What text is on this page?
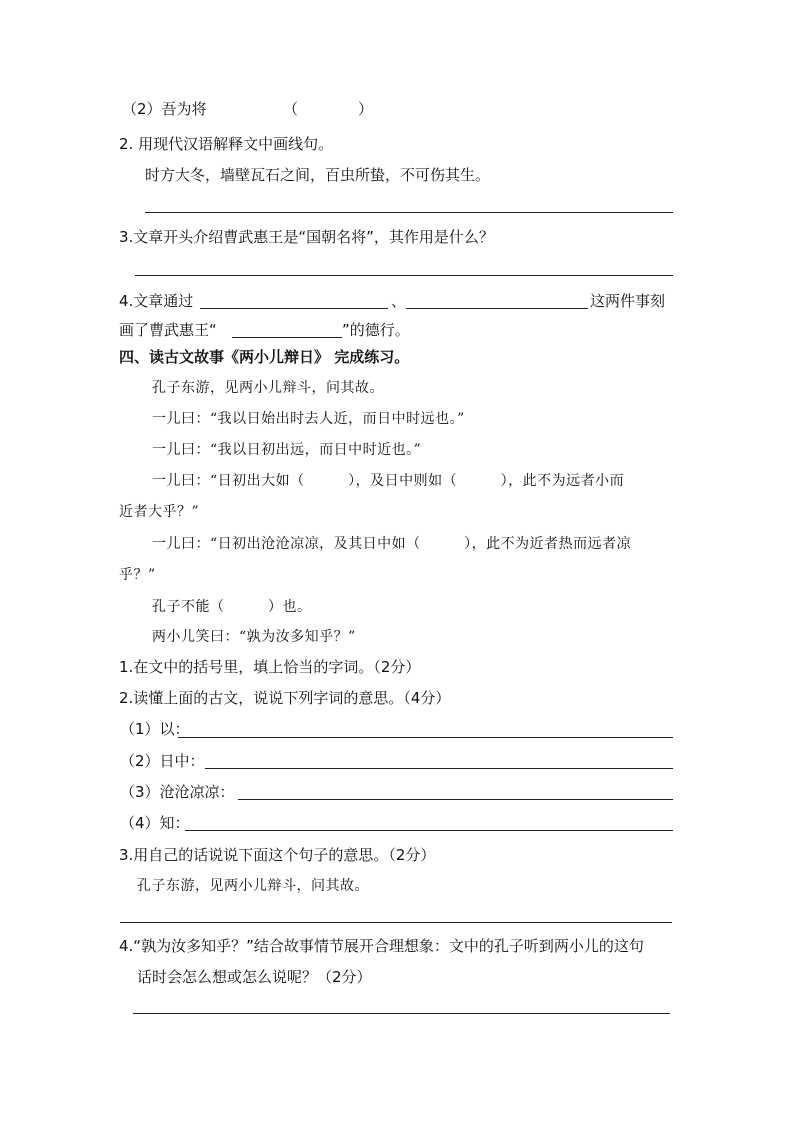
（2）吾为将	（　　　　）
2. 用现代汉语解释文中画线句。
时方大冬，墙壁瓦石之间，百虫所蛰，不可伤其生。
3.文章开头介绍曹武惠王是“国朝名将”，其作用是什么？
4.文章通过	、	这两件事刻
画了曹武惠王“	”的德行。
四、读古文故事《两小儿辩日》 完成练习。
孔子东游，见两小儿辩斗，问其故。
一儿曰：“我以日始出时去人近，而日中时远也。”
一儿曰：“我以日初出远，而日中时近也。”
一儿曰：“日初出大如（　　　），及日中则如（　　　），此不为远者小而
近者大乎？”
一儿曰：“日初出沧沧凉凉，及其日中如（　　　），此不为近者热而远者凉
乎？”
孔子不能（　　　）也。
两小儿笑曰：“孰为汝多知乎？”
1.在文中的括号里，填上恰当的字词。（2分）
2.读懂上面的古文，说说下列字词的意思。（4分）
（1）以：
（2）日中：
（3）沧沧凉凉：
（4）知：
3.用自己的话说说下面这个句子的意思。（2分）
孔子东游，见两小儿辩斗，问其故。
4.“孰为汝多知乎？”结合故事情节展开合理想象：文中的孔子听到两小儿的这句
话时会怎么想或怎么说呢？（2分）
